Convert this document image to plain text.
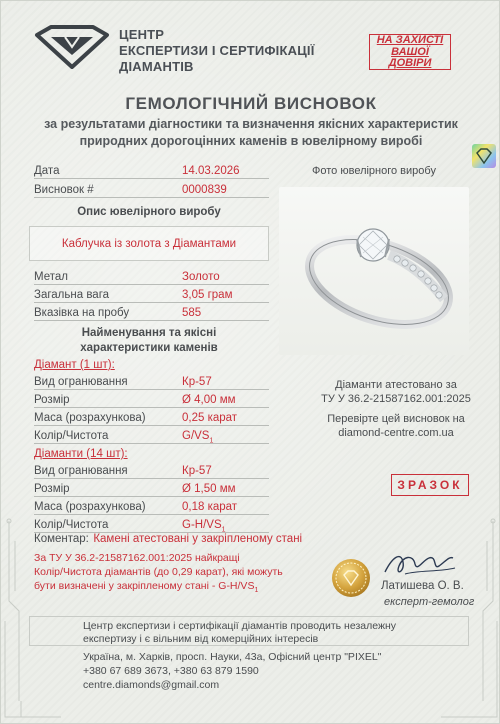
ЦЕНТР
ЕКСПЕРТИЗИ І СЕРТИФІКАЦІЇ
ДІАМАНТІВ
НА ЗАХИСТІ
ВАШОЇ
ДОВІРИ
ГЕМОЛОГІЧНИЙ ВИСНОВОК
за результатами діагностики та визначення якісних характеристик
природних дорогоцінних каменів в ювелірному виробі
Дата	14.03.2026
Висновок #	0000839
Фото ювелірного виробу
Опис ювелірного виробу
Каблучка із золота з Діамантами
Метал	Золото
Загальна вага	3,05 грам
Вказівка на пробу	585
Найменування та якісні
характеристики каменів
Діамант (1 шт):
Вид огранювання	Кр-57
Розмір	Ø 4,00 мм
Маса (розрахункова)	0,25 карат
Колір/Чистота	$G/VS_1$
Діаманти (14 шт):
Вид огранювання	Кр-57
Розмір	Ø 1,50 мм
Маса (розрахункова)	0,18 карат
Колір/Чистота	$G-H/VS_1$
Коментар: Камені атестовані у закріпленому стані
Діаманти атестовано за
ТУ У 36.2-21587162.001:2025
Перевірте цей висновок на
diamond-centre.com.ua
ЗРАЗОК
За ТУ У 36.2-21587162.001:2025 найкращі
Колір/Чистота діамантів (до 0,29 карат), які можуть
бути визначені у закріпленому стані - $G-H/VS_1$	Латишева О. В.
експерт-гемолог
Центр експертизи і сертифікації діамантів проводить незалежну
експертизу і є вільним від комерційних інтересів
Україна, м. Харків, просп. Науки, 43а, Офісний центр "PIXEL"
+380 67 689 3673, +380 63 879 1590
centre.diamonds@gmail.com
